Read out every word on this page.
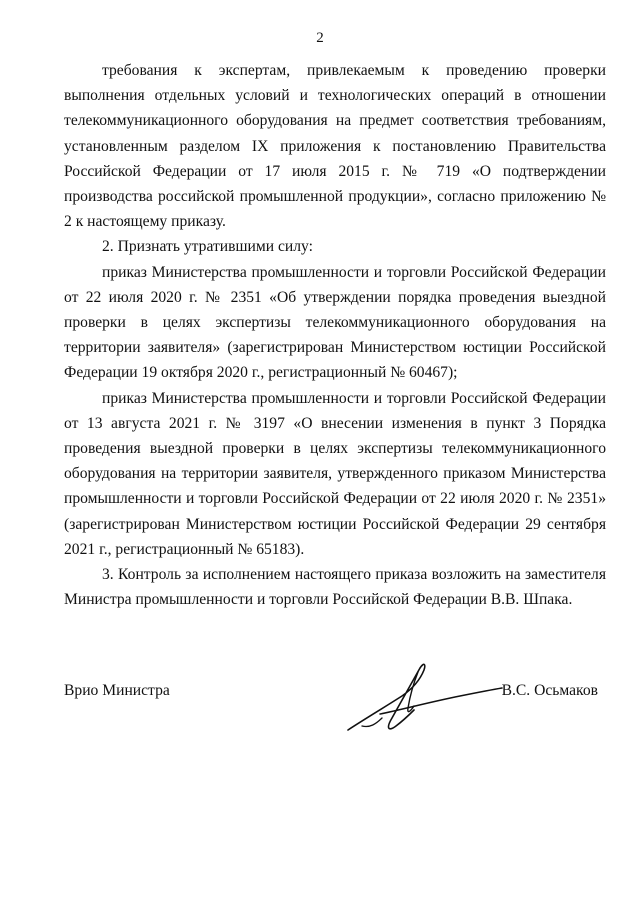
2

требования к экспертам, привлекаемым к проведению проверки выполнения отдельных условий и технологических операций в отношении телекоммуникационного оборудования на предмет соответствия требованиям, установленным разделом IX приложения к постановлению Правительства Российской Федерации от 17 июля 2015 г. № 719 «О подтверждении производства российской промышленной продукции», согласно приложению № 2 к настоящему приказу.

2. Признать утратившими силу:

приказ Министерства промышленности и торговли Российской Федерации от 22 июля 2020 г. № 2351 «Об утверждении порядка проведения выездной проверки в целях экспертизы телекоммуникационного оборудования на территории заявителя» (зарегистрирован Министерством юстиции Российской Федерации 19 октября 2020 г., регистрационный № 60467);

приказ Министерства промышленности и торговли Российской Федерации от 13 августа 2021 г. № 3197 «О внесении изменения в пункт 3 Порядка проведения выездной проверки в целях экспертизы телекоммуникационного оборудования на территории заявителя, утвержденного приказом Министерства промышленности и торговли Российской Федерации от 22 июля 2020 г. № 2351» (зарегистрирован Министерством юстиции Российской Федерации 29 сентября 2021 г., регистрационный № 65183).

3. Контроль за исполнением настоящего приказа возложить на заместителя Министра промышленности и торговли Российской Федерации В.В. Шпака.

Врио Министра	В.С. Осьмаков
